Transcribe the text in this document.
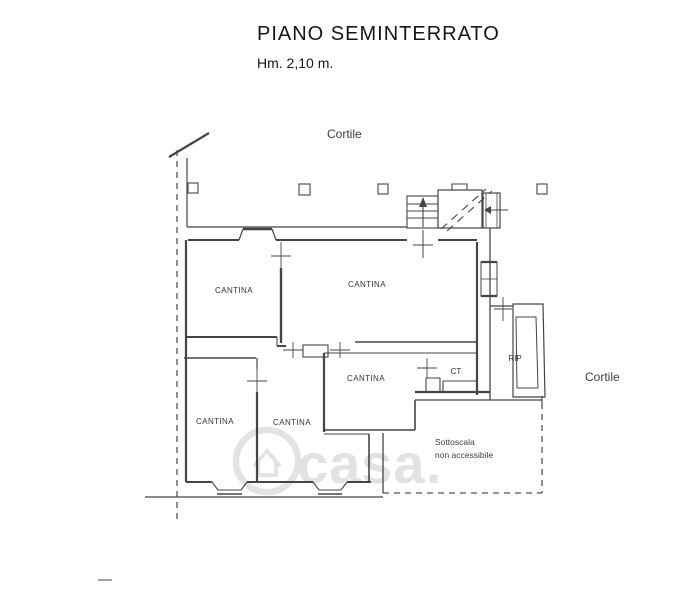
casa.
PIANO SEMINTERRATO
Hm. 2,10 m.
Cortile
Cortile
CANTINA
CANTINA
CANTINA
CANTINA	CANTINA
CT
RIP
Sottoscala
non accessibile
